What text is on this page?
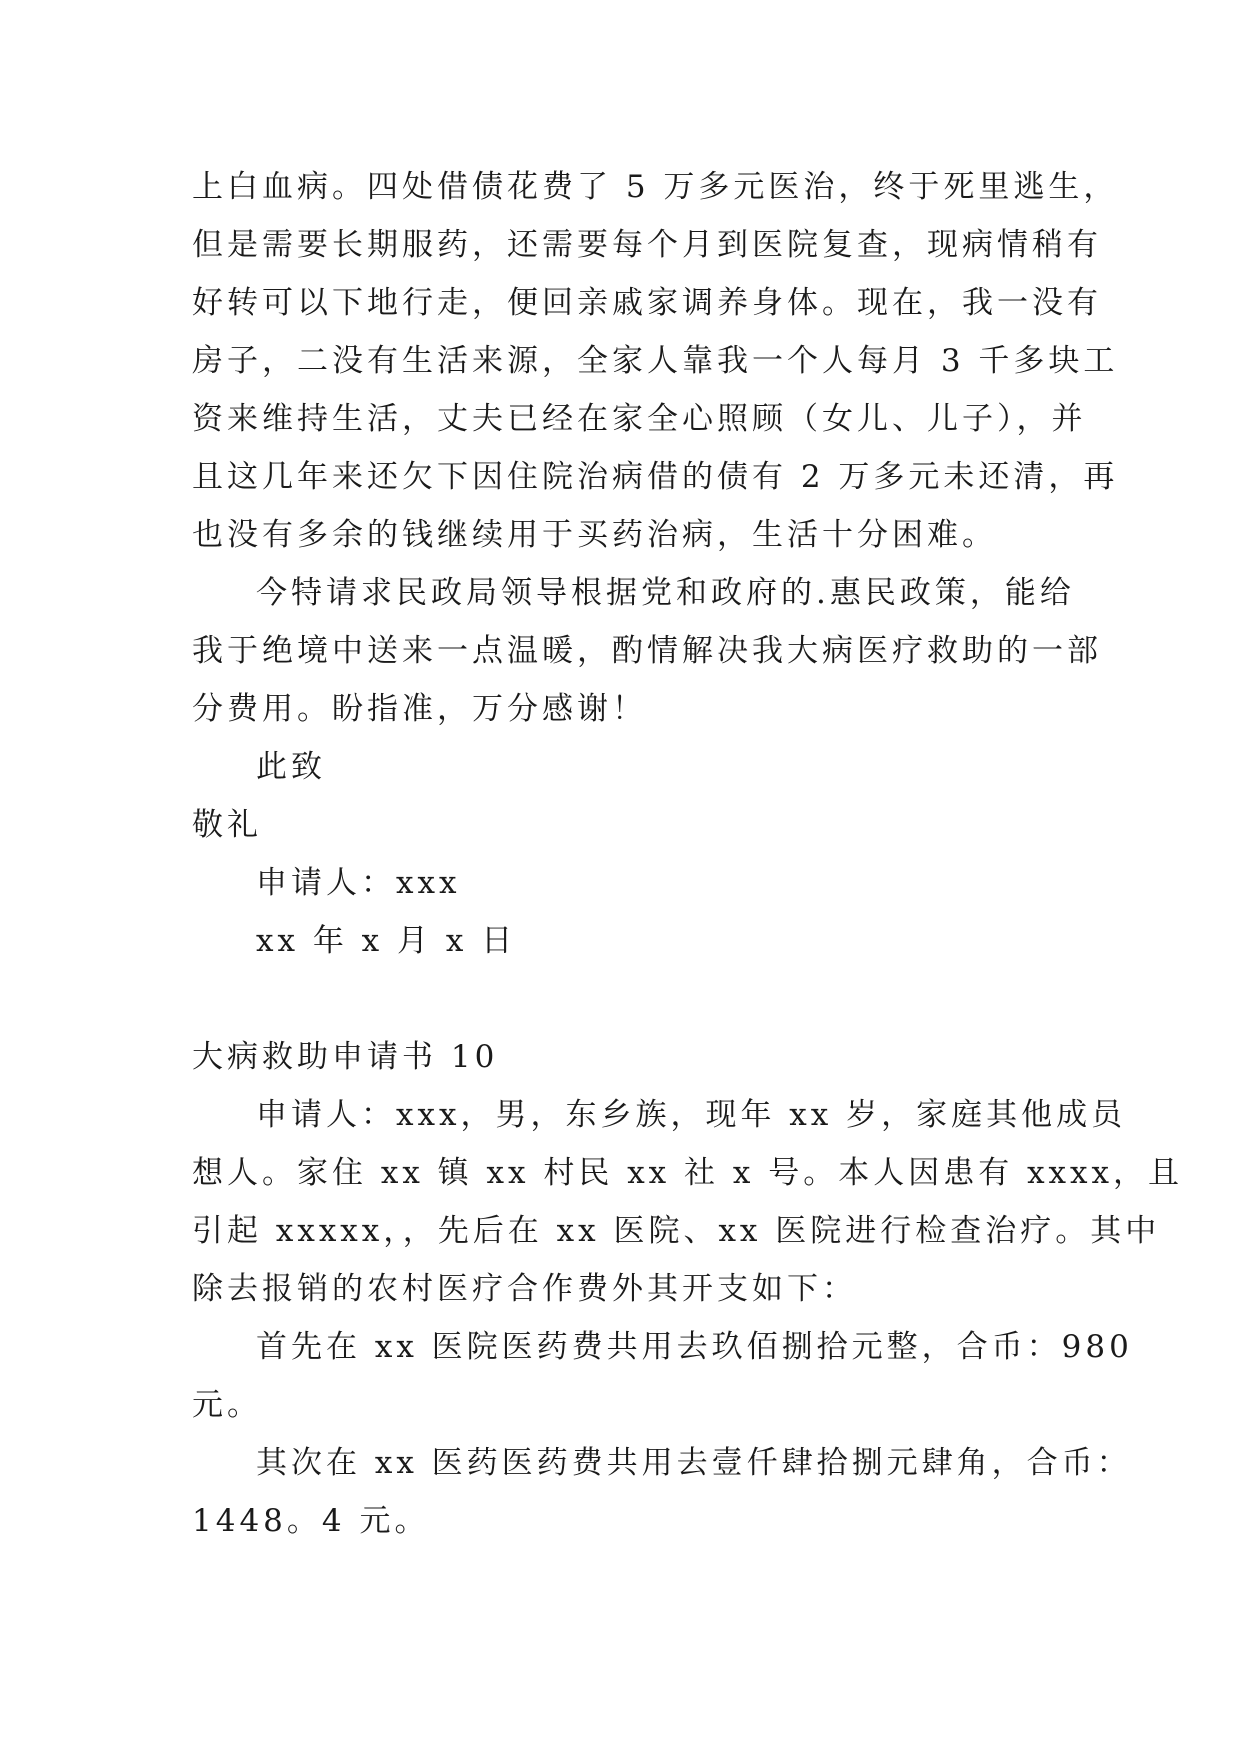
上白血病。四处借债花费了 5 万多元医治，终于死里逃生，
但是需要长期服药，还需要每个月到医院复查，现病情稍有
好转可以下地行走，便回亲戚家调养身体。现在，我一没有
房子，二没有生活来源，全家人靠我一个人每月 3 千多块工
资来维持生活，丈夫已经在家全心照顾（女儿、儿子），并
且这几年来还欠下因住院治病借的债有 2 万多元未还清，再
也没有多余的钱继续用于买药治病，生活十分困难。
今特请求民政局领导根据党和政府的.惠民政策，能给
我于绝境中送来一点温暖，酌情解决我大病医疗救助的一部
分费用。盼指准，万分感谢！
此致
敬礼
申请人：xxx
xx 年 x 月 x 日
大病救助申请书 10
申请人：xxx，男，东乡族，现年 xx 岁，家庭其他成员
想人。家住 xx 镇 xx 村民 xx 社 x 号。本人因患有 xxxx，且
引起 xxxxx，，先后在 xx 医院、xx 医院进行检查治疗。其中
除去报销的农村医疗合作费外其开支如下：
首先在 xx 医院医药费共用去玖佰捌拾元整，合币：980
元。
其次在 xx 医药医药费共用去壹仟肆拾捌元肆角，合币：
1448。4 元。
